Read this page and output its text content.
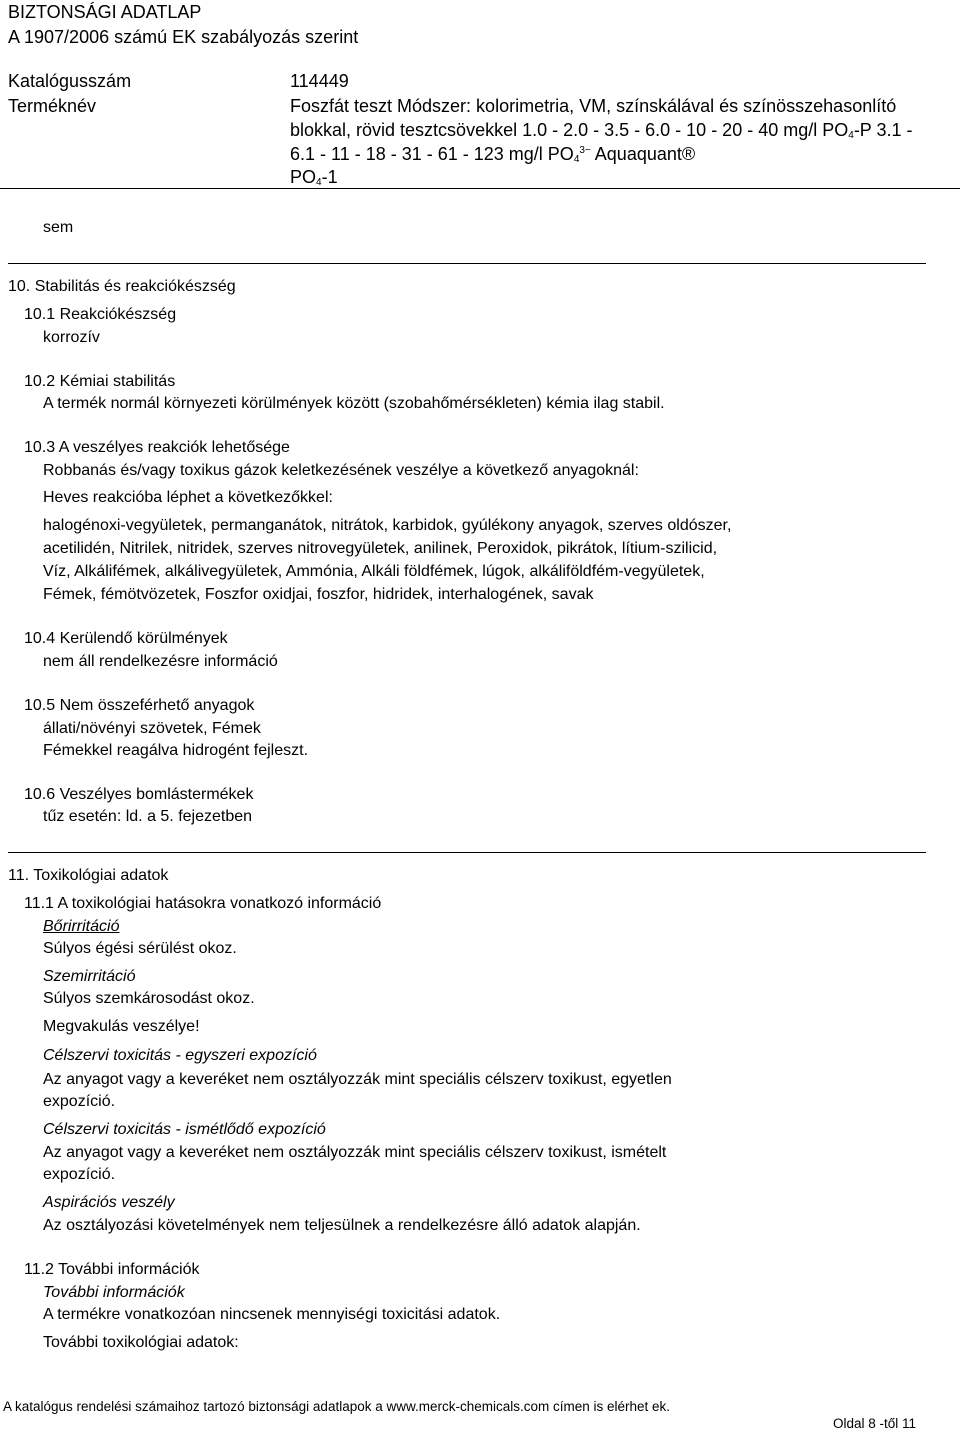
BIZTONSÁGI ADATLAP
A 1907/2006 számú EK szabályozás szerint
Katalógusszám	114449
Terméknév	Foszfát teszt Módszer: kolorimetria, VM, színskálával és színösszehasonlító
blokkal, rövid tesztcsövekkel 1.0 - 2.0 - 3.5 - 6.0 - 10 - 20 - 40 mg/l $PO_4-P$ 3.1 -
6.1 - 11 - 18 - 31 - 61 - 123 mg/l $PO_4^{3-}$ Aquaquant®
$PO_4-1$
sem
10. Stabilitás és reakciókészség
10.1 Reakciókészség
korrozív
10.2 Kémiai stabilitás
A termék normál környezeti körülmények között (szobahőmérsékleten) kémia ilag stabil.
10.3 A veszélyes reakciók lehetősége
Robbanás és/vagy toxikus gázok keletkezésének veszélye a következő anyagoknál:
Heves reakcióba léphet a következőkkel:
halogénoxi-vegyületek, permanganátok, nitrátok, karbidok, gyúlékony anyagok, szerves oldószer,
acetilidén, Nitrilek, nitridek, szerves nitrovegyületek, anilinek, Peroxidok, pikrátok, lítium-szilicid,
Víz, Alkálifémek, alkálivegyületek, Ammónia, Alkáli földfémek, lúgok, alkáliföldfém-vegyületek,
Fémek, fémötvözetek, Foszfor oxidjai, foszfor, hidridek, interhalogének, savak
10.4 Kerülendő körülmények
nem áll rendelkezésre információ
10.5 Nem összeférhető anyagok
állati/növényi szövetek, Fémek
Fémekkel reagálva hidrogént fejleszt.
10.6 Veszélyes bomlástermékek
tűz esetén: ld. a 5. fejezetben
11. Toxikológiai adatok
11.1 A toxikológiai hatásokra vonatkozó információ
Bőrirritáció
Súlyos égési sérülést okoz.
Szemirritáció
Súlyos szemkárosodást okoz.
Megvakulás veszélye!
Célszervi toxicitás - egyszeri expozíció
Az anyagot vagy a keveréket nem osztályozzák mint speciális célszerv toxikust, egyetlen
expozíció.
Célszervi toxicitás - ismétlődő expozíció
Az anyagot vagy a keveréket nem osztályozzák mint speciális célszerv toxikust, ismételt
expozíció.
Aspirációs veszély
Az osztályozási követelmények nem teljesülnek a rendelkezésre álló adatok alapján.
11.2 További információk
További információk
A termékre vonatkozóan nincsenek mennyiségi toxicitási adatok.
További toxikológiai adatok:
A katalógus rendelési számaihoz tartozó biztonsági adatlapok a www.merck-chemicals.com címen is elérhet ek.
Oldal 8 -től 11
